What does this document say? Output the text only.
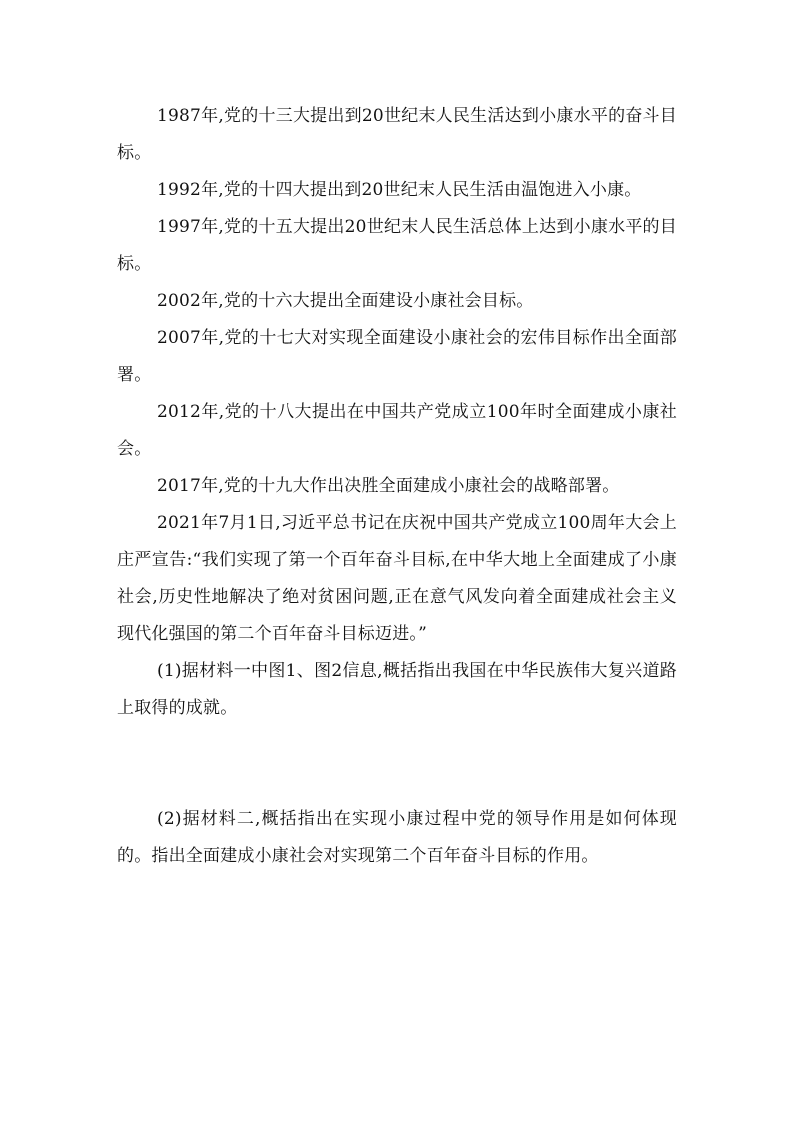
1987年,党的十三大提出到20世纪末人民生活达到小康水平的奋斗目标。

1992年,党的十四大提出到20世纪末人民生活由温饱进入小康。

1997年,党的十五大提出20世纪末人民生活总体上达到小康水平的目标。

2002年,党的十六大提出全面建设小康社会目标。

2007年,党的十七大对实现全面建设小康社会的宏伟目标作出全面部署。

2012年,党的十八大提出在中国共产党成立100年时全面建成小康社会。

2017年,党的十九大作出决胜全面建成小康社会的战略部署。

2021年7月1日,习近平总书记在庆祝中国共产党成立100周年大会上庄严宣告:“我们实现了第一个百年奋斗目标,在中华大地上全面建成了小康社会,历史性地解决了绝对贫困问题,正在意气风发向着全面建成社会主义现代化强国的第二个百年奋斗目标迈进。”

(1)据材料一中图1、图2信息,概括指出我国在中华民族伟大复兴道路上取得的成就。

(2)据材料二,概括指出在实现小康过程中党的领导作用是如何体现的。指出全面建成小康社会对实现第二个百年奋斗目标的作用。
